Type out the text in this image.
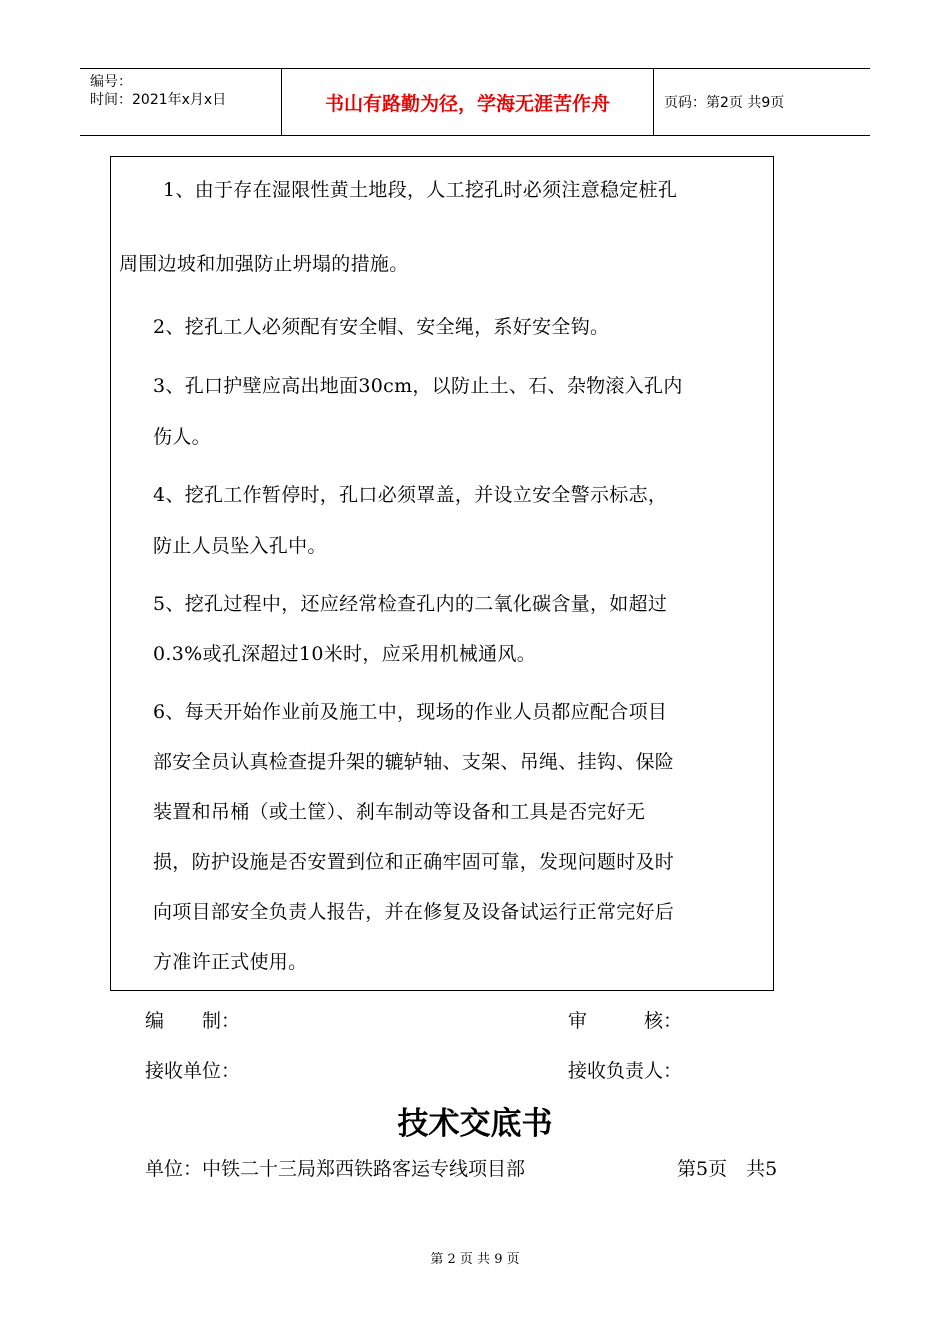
编号：
时间：2021年x月x日	书山有路勤为径，学海无涯苦作舟	页码：第2页 共9页
1、由于存在湿限性黄土地段，人工挖孔时必须注意稳定桩孔
周围边坡和加强防止坍塌的措施。
2、挖孔工人必须配有安全帽、安全绳，系好安全钩。
3、孔口护壁应高出地面30cm，以防止土、石、杂物滚入孔内
伤人。
4、挖孔工作暂停时，孔口必须罩盖，并设立安全警示标志，
防止人员坠入孔中。
5、挖孔过程中，还应经常检查孔内的二氧化碳含量，如超过
0.3%或孔深超过10米时，应采用机械通风。
6、每天开始作业前及施工中，现场的作业人员都应配合项目
部安全员认真检查提升架的辘轳轴、支架、吊绳、挂钩、保险
装置和吊桶（或土筐）、刹车制动等设备和工具是否完好无
损，防护设施是否安置到位和正确牢固可靠，发现问题时及时
向项目部安全负责人报告，并在修复及设备试运行正常完好后
方准许正式使用。
编　　制：	审　　　核：
接收单位：	接收负责人：
技术交底书
单位：中铁二十三局郑西铁路客运专线项目部	第5页　共5
第 2 页 共 9 页
